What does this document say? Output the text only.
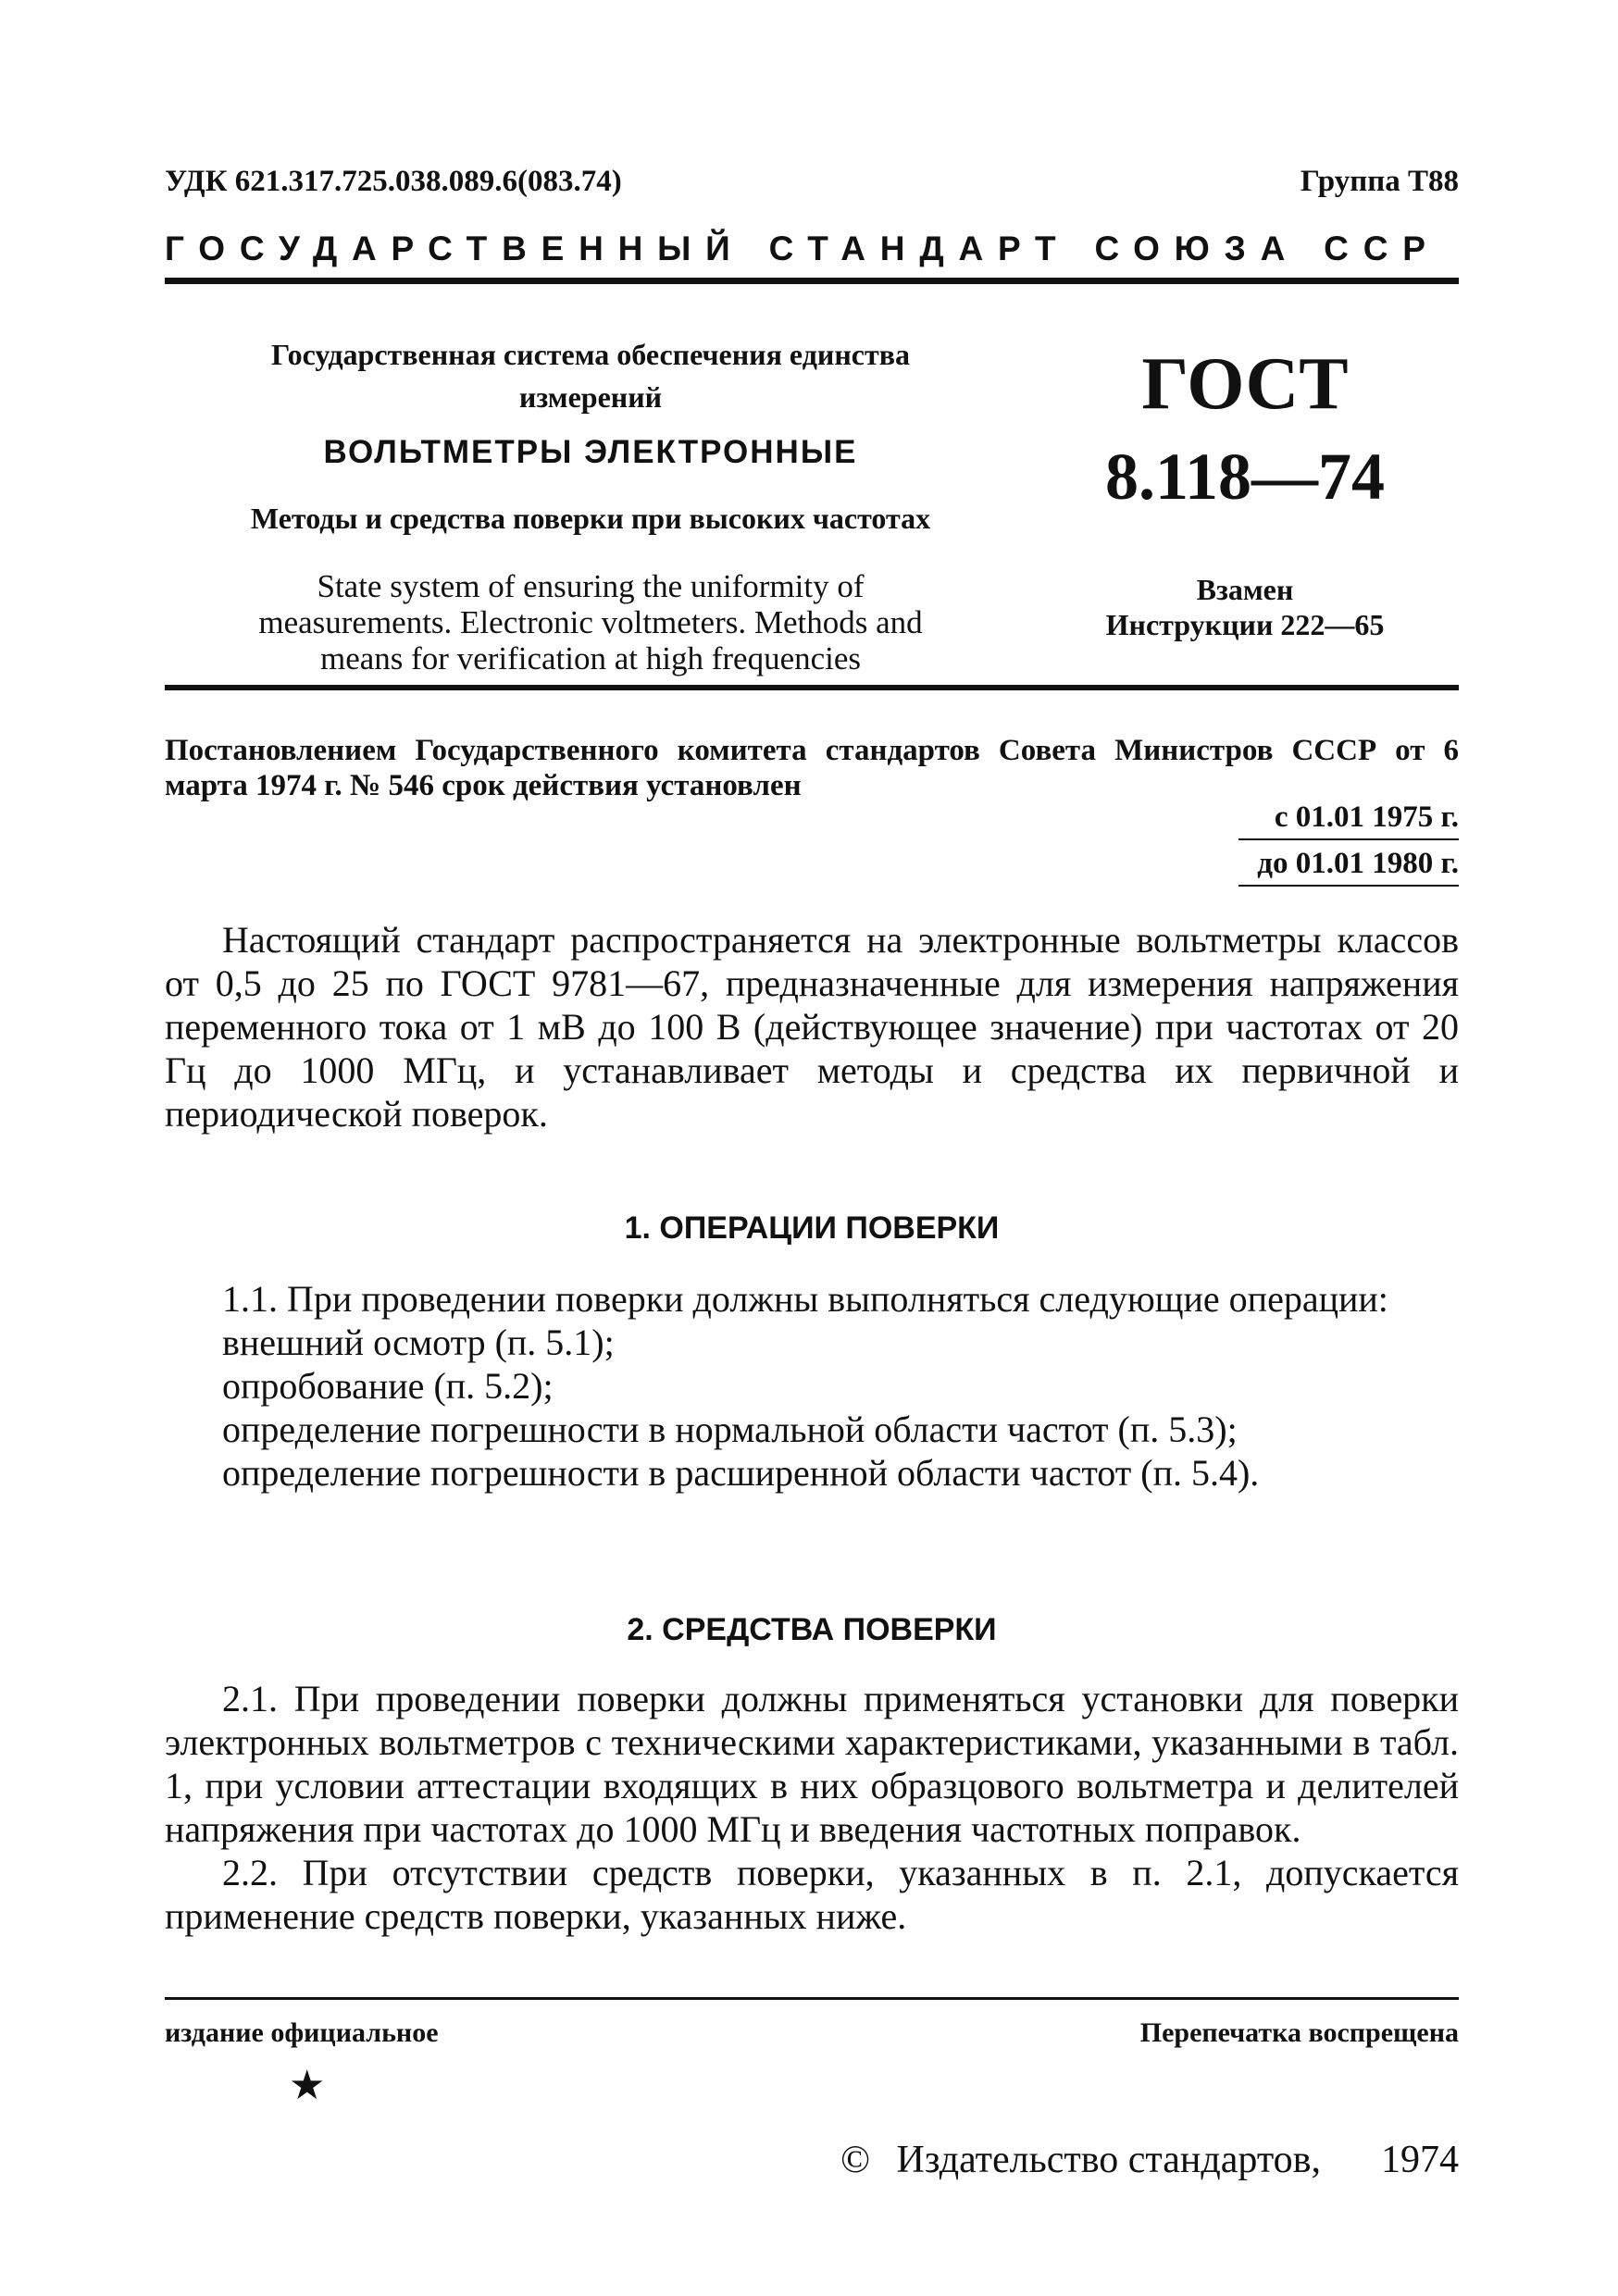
УДК 621.317.725.038.089.6(083.74)	Группа Т88
ГОСУДАРСТВЕННЫЙ СТАНДАРТ СОЮЗА ССР

Государственная система обеспечения единства

измерений

ВОЛЬТМЕТРЫ ЭЛЕКТРОННЫЕ

Методы и средства поверки при высоких частотах

State system of ensuring the uniformity of
measurements. Electronic voltmeters. Methods and
means for verification at high frequencies

ГОСТ
8.118—74
Взамен
Инструкции 222—65
Постановлением Государственного комитета стандартов Совета Министров СССР от 6 марта 1974 г. № 546 срок действия установлен
с 01.01 1975 г.
до 01.01 1980 г.

Настоящий стандарт распространяется на электронные вольтметры классов от 0,5 до 25 по ГОСТ 9781—67, предназначенные для измерения напряжения переменного тока от 1 мВ до 100 В (действующее значение) при частотах от 20 Гц до 1000 МГц, и устанавливает методы и средства их первичной и периодической поверок.

1. ОПЕРАЦИИ ПОВЕРКИ

1.1. При проведении поверки должны выполняться следующие операции:

внешний осмотр (п. 5.1);

опробование (п. 5.2);

определение погрешности в нормальной области частот (п. 5.3);

определение погрешности в расширенной области частот (п. 5.4).

2. СРЕДСТВА ПОВЕРКИ

2.1. При проведении поверки должны применяться установки для поверки электронных вольтметров с техническими характеристиками, указанными в табл. 1, при условии аттестации входящих в них образцового вольтметра и делителей напряжения при частотах до 1000 МГц и введения частотных поправок.

2.2. При отсутствии средств поверки, указанных в п. 2.1, допускается применение средств поверки, указанных ниже.

издание официальное	Перепечатка воспрещена
★
© Издательство стандартов, 1974
